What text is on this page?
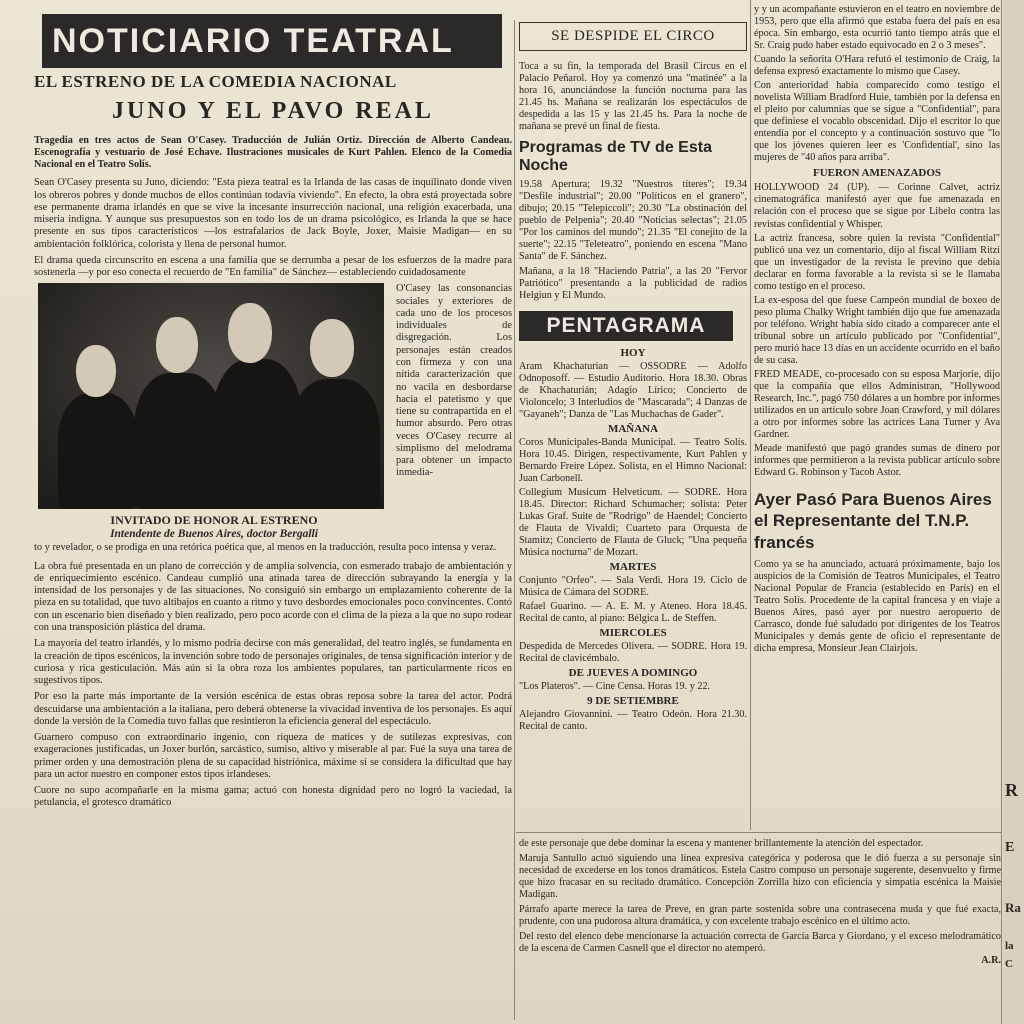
NOTICIARIO TEATRAL
EL ESTRENO DE LA COMEDIA NACIONAL
JUNO Y EL PAVO REAL

Tragedia en tres actos de Sean O'Casey. Traducción de Julián Ortiz. Dirección de Alberto Candeau. Escenografía y vestuario de José Echave. Ilustraciones musicales de Kurt Pahlen. Elenco de la Comedia Nacional en el Teatro Solís.

Sean O'Casey presenta su Juno, diciendo: "Esta pieza teatral es la Irlanda de las casas de inquilinato donde viven los obreros pobres y donde muchos de ellos continúan todavía viviendo". En efecto, la obra está proyectada sobre ese permanente drama irlandés en que se vive la incesante insurrección nacional, una religión exacerbada, una miseria indigna. Y aunque sus presupuestos son en todo los de un drama psicológico, es Irlanda la que se hace presente en sus tipos característicos —los estrafalarios de Jack Boyle, Joxer, Maisie Madigan— en su ambientación folklórica, colorista y llena de personal humor.

El drama queda circunscrito en escena a una familia que se derrumba a pesar de los esfuerzos de la madre para sostenerla —y por eso conecta el recuerdo de "En familia" de Sánchez— estableciendo cuidadosamente

O'Casey las consonancias sociales y exteriores de cada uno de los procesos individuales de disgregación. Los personajes están creados con firmeza y con una nítida caracterización que no vacila en desbordarse hacia el patetismo y que tiene su contrapartida en el humor absurdo. Pero otras veces O'Casey recurre al simplismo del melodrama para obtener un impacto inmedia-

INVITADO DE HONOR AL ESTRENO
Intendente de Buenos Aires, doctor Bergalli

to y revelador, o se prodiga en una retórica poética que, al menos en la traducción, resulta poco intensa y veraz.

La obra fué presentada en un plano de corrección y de amplia solvencia, con esmerado trabajo de ambientación y de enriquecimiento escénico. Candeau cumplió una atinada tarea de dirección subrayando la energía y la intensidad de los personajes y de las situaciones. No consiguió sin embargo un emplazamiento coherente de la pieza en su totalidad, que tuvo altibajos en cuanto a ritmo y tuvo desbordes emocionales poco convincentes. Contó con un escenario bien diseñado y bien realizado, pero poco acorde con el clima de la pieza a la que no supo rodear con una transposición plástica del drama.

La mayoría del teatro irlandés, y lo mismo podría decirse con más generalidad, del teatro inglés, se fundamenta en la creación de tipos escénicos, la invención sobre todo de personajes originales, de tensa significación interior y de curiosa y rica gesticulación. Más aún si la obra roza los ambientes populares, tan particularmente ricos en sugestivos tipos.

Por eso la parte más importante de la versión escénica de estas obras reposa sobre la tarea del actor. Podrá descuidarse una ambientación a la italiana, pero deberá obtenerse la vivacidad inventiva de los personajes. Es aquí donde la versión de la Comedia tuvo fallas que resintieron la eficiencia general del espectáculo.

Guarnero compuso con extraordinario ingenio, con riqueza de matices y de sutilezas expresivas, con exageraciones justificadas, un Joxer burlón, sarcástico, sumiso, altivo y miserable al par. Fué la suya una tarea de primer orden y una demostración plena de su capacidad histriónica, máxime si se considera la dificultad que hay para un actor nuestro en componer estos tipos irlandeses.

Cuore no supo acompañarle en la misma gama; actuó con honesta dignidad pero no logró la vaciedad, la petulancia, el grotesco dramático

SE DESPIDE EL CIRCO

Toca a su fin, la temporada del Brasil Circus en el Palacio Peñarol. Hoy ya comenzó una "matinée" a la hora 16, anunciándose la función nocturna para las 21.45 hs. Mañana se realizarán los espectáculos de despedida a las 15 y las 21.45 hs. Para la noche de mañana se prevé un final de fiesta.

Programas de TV de Esta Noche

19.58 Apertura; 19.32 "Nuestros títeres"; 19.34 "Desfile industrial"; 20.00 "Políticos en el granero", dibujo; 20.15 "Telepiccoli"; 20.30 "La obstinación del pueblo de Pelpenia"; 20.40 "Noticias selectas"; 21.05 "Por los caminos del mundo"; 21.35 "El conejito de la suerte"; 22.15 "Teleteatro", poniendo en escena "Mano Santa" de F. Sánchez.

Mañana, a la 18 "Haciendo Patria", a las 20 "Fervor Patriótico" presentando a la publicidad de radios Helgiun y El Mundo.

PENTAGRAMA
HOY

Aram Khachaturian — OSSODRE — Adolfo Odnoposoff. — Estudio Auditorio. Hora 18.30. Obras de Khachaturián; Adagio Lírico; Concierto de Violoncelo; 3 Interludios de "Mascarada"; 4 Danzas de "Gayaneh"; Danza de "Las Muchachas de Gader".

MAÑANA

Coros Municipales-Banda Municipal. — Teatro Solís. Hora 10.45. Dirigen, respectivamente, Kurt Pahlen y Bernardo Freire López. Solista, en el Himno Nacional: Juan Carbonell.

Collegium Musicum Helveticum. — SODRE. Hora 18.45. Director: Richard Schumacher; solista: Peter Lukas Graf. Suite de "Rodrigo" de Haendel; Concierto de Flauta de Vivaldi; Cuarteto para Orquesta de Stamitz; Concierto de Flauta de Gluck; "Una pequeña Música nocturna" de Mozart.

MARTES

Conjunto "Orfeo". — Sala Verdi. Hora 19. Ciclo de Música de Cámara del SODRE.

Rafael Guarino. — A. E. M. y Ateneo. Hora 18.45. Recital de canto, al piano: Bélgica L. de Steffen.

MIERCOLES

Despedida de Mercedes Olivera. — SODRE. Hora 19. Recital de clavicémbalo.

DE JUEVES A DOMINGO

"Los Plateros". — Cine Censa. Horas 19. y 22.

9 DE SETIEMBRE

Alejandro Giovannini. — Teatro Odeón. Hora 21.30. Recital de canto.

y y un acompañante estuvieron en el teatro en noviembre de 1953, pero que ella afirmó que estaba fuera del país en esa época. Sin embargo, esta ocurrió tanto tiempo atrás que el Sr. Craig pudo haber estado equivocado en 2 o 3 meses".

Cuando la señorita O'Hara refutó el testimonio de Craig, la defensa expresó exactamente lo mismo que Casey.

Con anterioridad había comparecido como testigo el novelista William Bradford Huie, también por la defensa en el pleito por calumnias que se sigue a "Confidential", para que definiese el vocablo obscenidad. Dijo el escritor lo que entendía por el concepto y a continuación sostuvo que "lo que los jóvenes quieren leer es 'Confidential', sino las mujeres de "40 años para arriba".

FUERON AMENAZADOS

HOLLYWOOD 24 (UP). — Corinne Calvet, actriz cinematográfica manifestó ayer que fue amenazada en relación con el proceso que se sigue por Libelo contra las revistas confidential y Whisper.

La actriz francesa, sobre quien la revista "Confidential" publicó una vez un comentario, dijo al fiscal William Ritzi que un investigador de la revista le previno que debía declarar en forma favorable a la revista si se le llamaba como testigo en el proceso.

La ex-esposa del que fuese Campeón mundial de boxeo de peso pluma Chalky Wright también dijo que fue amenazada por teléfono. Wright había sido citado a comparecer ante el tribunal sobre un artículo publicado por "Confidential", pero murió hace 13 días en un accidente ocurrido en el baño de su casa.

FRED MEADE, co-procesado con su esposa Marjorie, dijo que la compañía que ellos Administran, "Hollywood Research, Inc.", pagó 750 dólares a un hombre por informes utilizados en un artículo sobre Joan Crawford, y mil dólares a otro por informes sobre las actrices Lana Turner y Ava Gardner.

Meade manifestó que pagó grandes sumas de dinero por informes que permitieron a la revista publicar artículo sobre Edward G. Robinson y Tacob Astor.

Ayer Pasó Para Buenos Aires el Representante del T.N.P. francés

Como ya se ha anunciado, actuará próximamente, bajo los auspicios de la Comisión de Teatros Municipales, el Teatro Nacional Popular de Francia (establecido en París) en el Teatro Solís. Procedente de la capital francesa y en viaje a Buenos Aires, pasó ayer por nuestro aeropuerto de Carrasco, donde fué saludado por dirigentes de los Teatros Municipales y demás gente de oficio el representante de dicha empresa, Monsieur Jean Clairjois.

de este personaje que debe dominar la escena y mantener brillantemente la atención del espectador.

Maruja Santullo actuó siguiendo una línea expresiva categórica y poderosa que le dió fuerza a su personaje sin necesidad de excederse en los tonos dramáticos. Estela Castro compuso un personaje sugerente, desenvuelto y firme que hizo fracasar en su recitado dramático. Concepción Zorrilla hizo con eficiencia y simpatía escénica la Maisie Madigan.

Párrafo aparte merece la tarea de Preve, en gran parte sostenida sobre una contrasecena muda y que fué exacta, prudente, con una pudorosa altura dramática, y con excelente trabajo escénico en el último acto.

Del resto del elenco debe mencionarse la actuación correcta de García Barca y Giordano, y el exceso melodramático de la escena de Carmen Casnell que el director no atemperó.

A.R.
R
E
Ra
la
C
